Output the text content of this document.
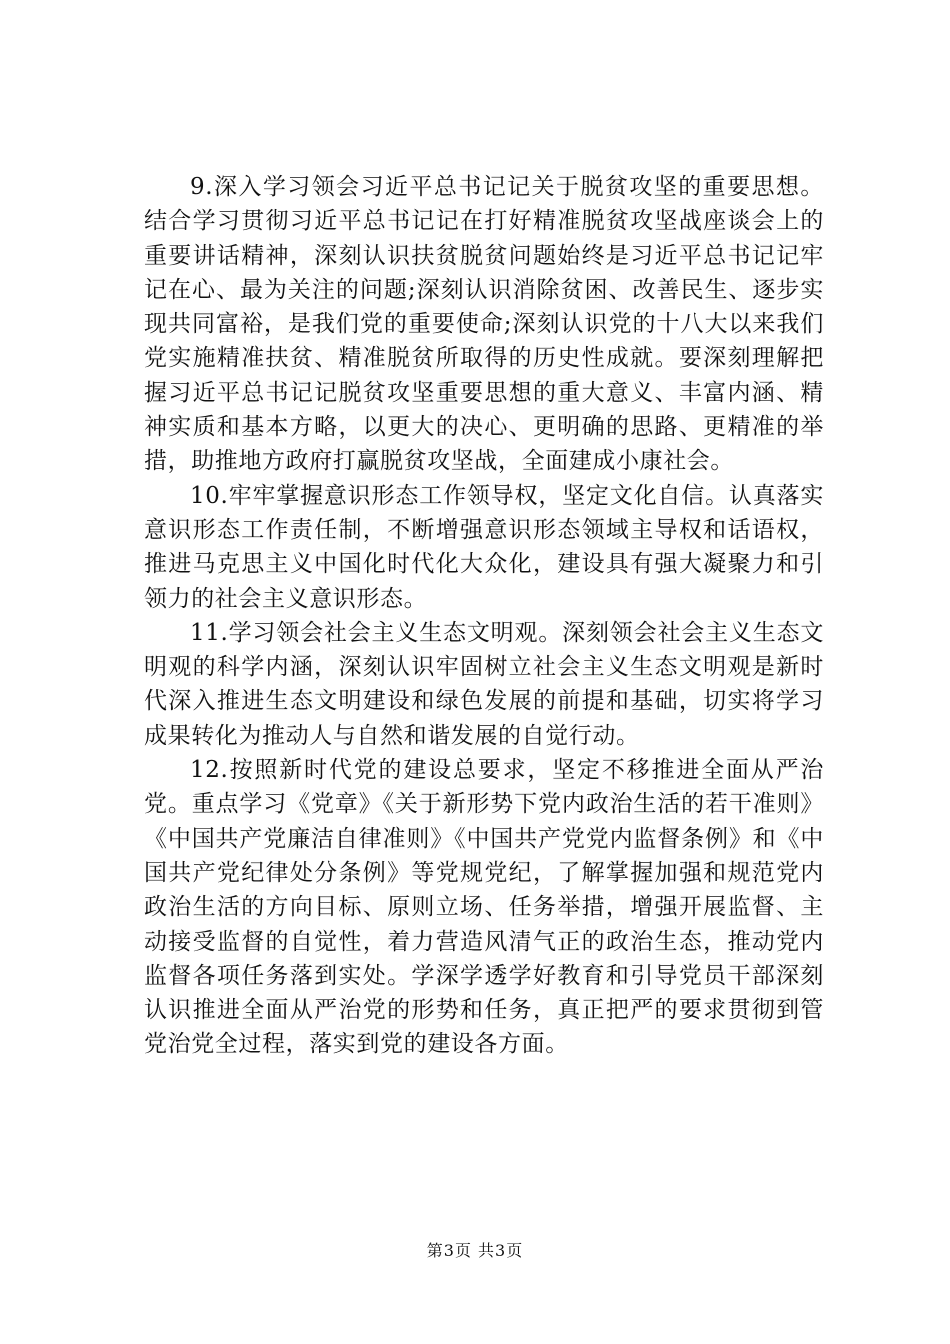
9.深入学习领会习近平总书记记关于脱贫攻坚的重要思想。结合学习贯彻习近平总书记记在打好精准脱贫攻坚战座谈会上的重要讲话精神，深刻认识扶贫脱贫问题始终是习近平总书记记牢记在心、最为关注的问题;深刻认识消除贫困、改善民生、逐步实现共同富裕，是我们党的重要使命;深刻认识党的十八大以来我们党实施精准扶贫、精准脱贫所取得的历史性成就。要深刻理解把握习近平总书记记脱贫攻坚重要思想的重大意义、丰富内涵、精神实质和基本方略，以更大的决心、更明确的思路、更精准的举措，助推地方政府打赢脱贫攻坚战，全面建成小康社会。

10.牢牢掌握意识形态工作领导权，坚定文化自信。认真落实意识形态工作责任制，不断增强意识形态领域主导权和话语权，推进马克思主义中国化时代化大众化，建设具有强大凝聚力和引领力的社会主义意识形态。

11.学习领会社会主义生态文明观。深刻领会社会主义生态文明观的科学内涵，深刻认识牢固树立社会主义生态文明观是新时代深入推进生态文明建设和绿色发展的前提和基础，切实将学习成果转化为推动人与自然和谐发展的自觉行动。

12.按照新时代党的建设总要求，坚定不移推进全面从严治党。重点学习《党章》《关于新形势下党内政治生活的若干准则》《中国共产党廉洁自律准则》《中国共产党党内监督条例》和《中国共产党纪律处分条例》等党规党纪，了解掌握加强和规范党内政治生活的方向目标、原则立场、任务举措，增强开展监督、主动接受监督的自觉性，着力营造风清气正的政治生态，推动党内监督各项任务落到实处。学深学透学好教育和引导党员干部深刻认识推进全面从严治党的形势和任务，真正把严的要求贯彻到管党治党全过程，落实到党的建设各方面。

第3页 共3页
